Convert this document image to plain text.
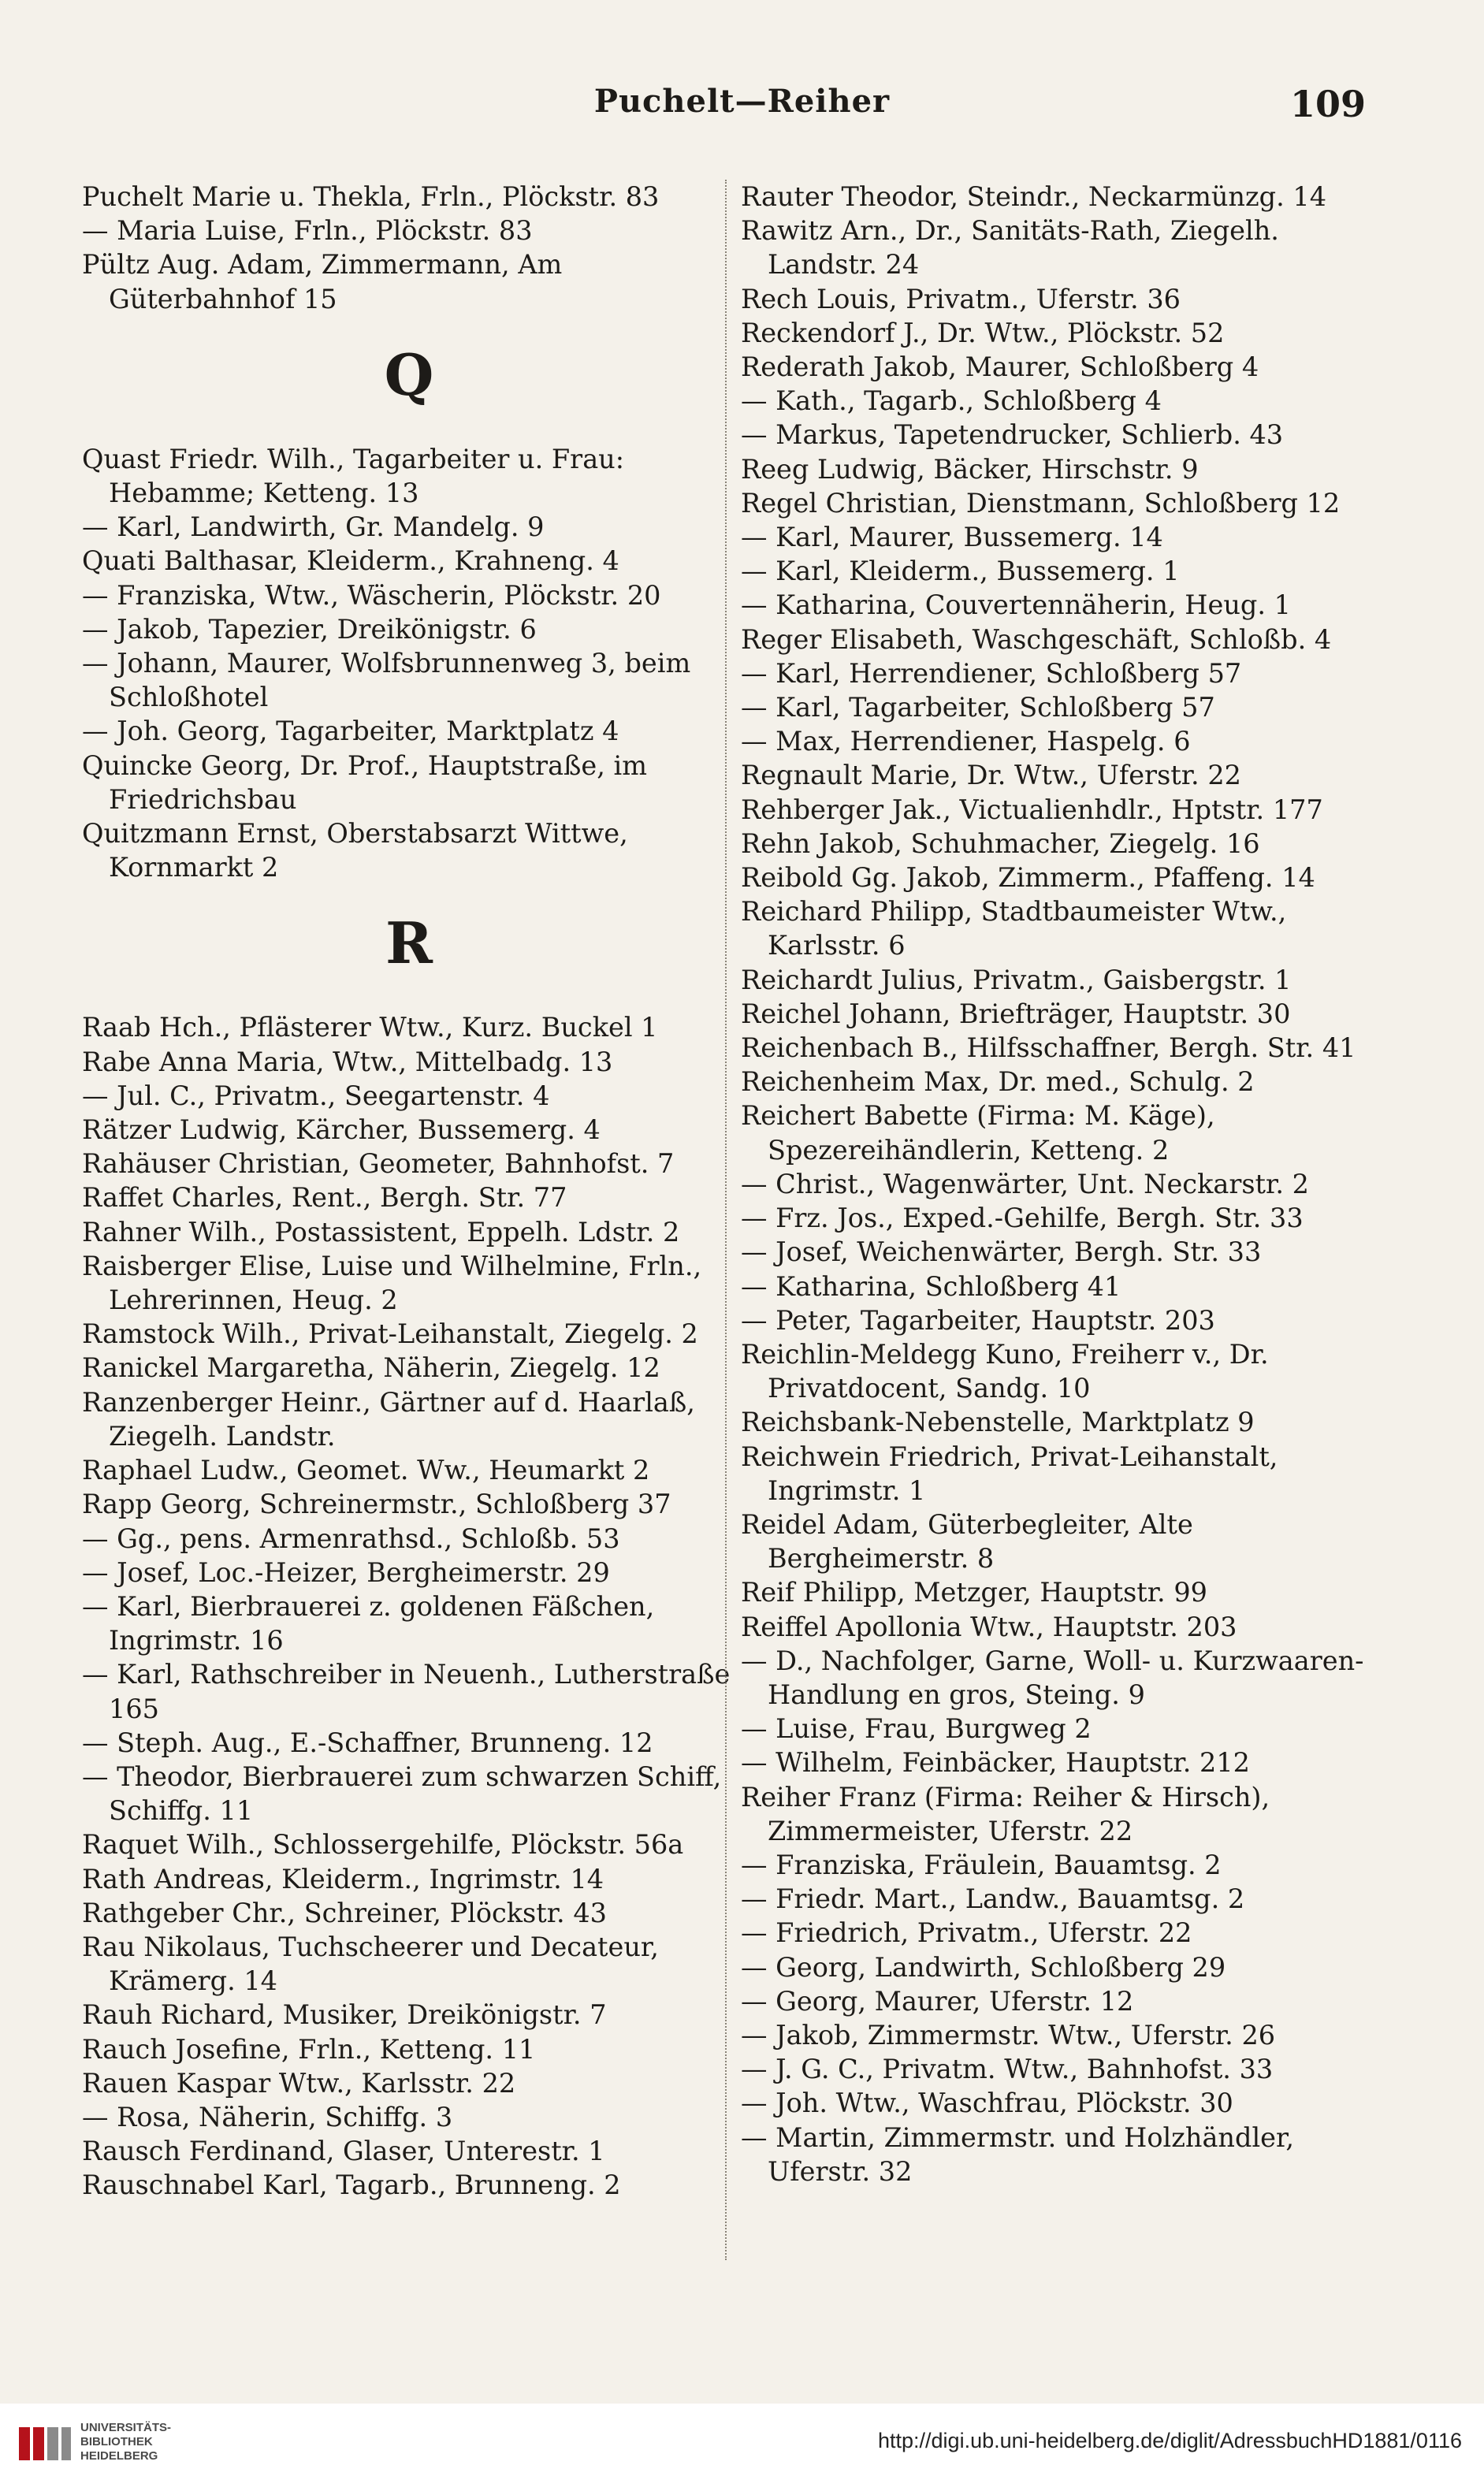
Puchelt—Reiher	109

Puchelt Marie u. Thekla, Frln., Plöckstr. 83

— Maria Luise, Frln., Plöckstr. 83

Pültz Aug. Adam, Zimmermann, Am Güterbahnhof 15

Q

Quast Friedr. Wilh., Tagarbeiter u. Frau: Hebamme; Ketteng. 13

— Karl, Landwirth, Gr. Mandelg. 9

Quati Balthasar, Kleiderm., Krahneng. 4

— Franziska, Wtw., Wäscherin, Plöckstr. 20

— Jakob, Tapezier, Dreikönigstr. 6

— Johann, Maurer, Wolfsbrunnenweg 3, beim Schloßhotel

— Joh. Georg, Tagarbeiter, Marktplatz 4

Quincke Georg, Dr. Prof., Hauptstraße, im Friedrichsbau

Quitzmann Ernst, Oberstabsarzt Wittwe, Kornmarkt 2

R

Raab Hch., Pflästerer Wtw., Kurz. Buckel 1

Rabe Anna Maria, Wtw., Mittelbadg. 13

— Jul. C., Privatm., Seegartenstr. 4

Rätzer Ludwig, Kärcher, Bussemerg. 4

Rahäuser Christian, Geometer, Bahnhofst. 7

Raffet Charles, Rent., Bergh. Str. 77

Rahner Wilh., Postassistent, Eppelh. Ldstr. 2

Raisberger Elise, Luise und Wilhelmine, Frln., Lehrerinnen, Heug. 2

Ramstock Wilh., Privat-Leihanstalt, Ziegelg. 2

Ranickel Margaretha, Näherin, Ziegelg. 12

Ranzenberger Heinr., Gärtner auf d. Haarlaß, Ziegelh. Landstr.

Raphael Ludw., Geomet. Ww., Heumarkt 2

Rapp Georg, Schreinermstr., Schloßberg 37

— Gg., pens. Armenrathsd., Schloßb. 53

— Josef, Loc.-Heizer, Bergheimerstr. 29

— Karl, Bierbrauerei z. goldenen Fäßchen, Ingrimstr. 16

— Karl, Rathschreiber in Neuenh., Lutherstraße 165

— Steph. Aug., E.-Schaffner, Brunneng. 12

— Theodor, Bierbrauerei zum schwarzen Schiff, Schiffg. 11

Raquet Wilh., Schlossergehilfe, Plöckstr. 56a

Rath Andreas, Kleiderm., Ingrimstr. 14

Rathgeber Chr., Schreiner, Plöckstr. 43

Rau Nikolaus, Tuchscheerer und Decateur, Krämerg. 14

Rauh Richard, Musiker, Dreikönigstr. 7

Rauch Josefine, Frln., Ketteng. 11

Rauen Kaspar Wtw., Karlsstr. 22

— Rosa, Näherin, Schiffg. 3

Rausch Ferdinand, Glaser, Unterestr. 1

Rauschnabel Karl, Tagarb., Brunneng. 2

Rauter Theodor, Steindr., Neckarmünzg. 14

Rawitz Arn., Dr., Sanitäts-Rath, Ziegelh. Landstr. 24

Rech Louis, Privatm., Uferstr. 36

Reckendorf J., Dr. Wtw., Plöckstr. 52

Rederath Jakob, Maurer, Schloßberg 4

— Kath., Tagarb., Schloßberg 4

— Markus, Tapetendrucker, Schlierb. 43

Reeg Ludwig, Bäcker, Hirschstr. 9

Regel Christian, Dienstmann, Schloßberg 12

— Karl, Maurer, Bussemerg. 14

— Karl, Kleiderm., Bussemerg. 1

— Katharina, Couvertennäherin, Heug. 1

Reger Elisabeth, Waschgeschäft, Schloßb. 4

— Karl, Herrendiener, Schloßberg 57

— Karl, Tagarbeiter, Schloßberg 57

— Max, Herrendiener, Haspelg. 6

Regnault Marie, Dr. Wtw., Uferstr. 22

Rehberger Jak., Victualienhdlr., Hptstr. 177

Rehn Jakob, Schuhmacher, Ziegelg. 16

Reibold Gg. Jakob, Zimmerm., Pfaffeng. 14

Reichard Philipp, Stadtbaumeister Wtw., Karlsstr. 6

Reichardt Julius, Privatm., Gaisbergstr. 1

Reichel Johann, Briefträger, Hauptstr. 30

Reichenbach B., Hilfsschaffner, Bergh. Str. 41

Reichenheim Max, Dr. med., Schulg. 2

Reichert Babette (Firma: M. Käge), Spezereihändlerin, Ketteng. 2

— Christ., Wagenwärter, Unt. Neckarstr. 2

— Frz. Jos., Exped.-Gehilfe, Bergh. Str. 33

— Josef, Weichenwärter, Bergh. Str. 33

— Katharina, Schloßberg 41

— Peter, Tagarbeiter, Hauptstr. 203

Reichlin-Meldegg Kuno, Freiherr v., Dr. Privatdocent, Sandg. 10

Reichsbank-Nebenstelle, Marktplatz 9

Reichwein Friedrich, Privat-Leihanstalt, Ingrimstr. 1

Reidel Adam, Güterbegleiter, Alte Bergheimerstr. 8

Reif Philipp, Metzger, Hauptstr. 99

Reiffel Apollonia Wtw., Hauptstr. 203

— D., Nachfolger, Garne, Woll- u. Kurzwaaren-Handlung en gros, Steing. 9

— Luise, Frau, Burgweg 2

— Wilhelm, Feinbäcker, Hauptstr. 212

Reiher Franz (Firma: Reiher & Hirsch), Zimmermeister, Uferstr. 22

— Franziska, Fräulein, Bauamtsg. 2

— Friedr. Mart., Landw., Bauamtsg. 2

— Friedrich, Privatm., Uferstr. 22

— Georg, Landwirth, Schloßberg 29

— Georg, Maurer, Uferstr. 12

— Jakob, Zimmermstr. Wtw., Uferstr. 26

— J. G. C., Privatm. Wtw., Bahnhofst. 33

— Joh. Wtw., Waschfrau, Plöckstr. 30

— Martin, Zimmermstr. und Holzhändler, Uferstr. 32

UNIVERSITÄTS-
BIBLIOTHEK
HEIDELBERG
http://digi.ub.uni-heidelberg.de/diglit/AdressbuchHD1881/0116
